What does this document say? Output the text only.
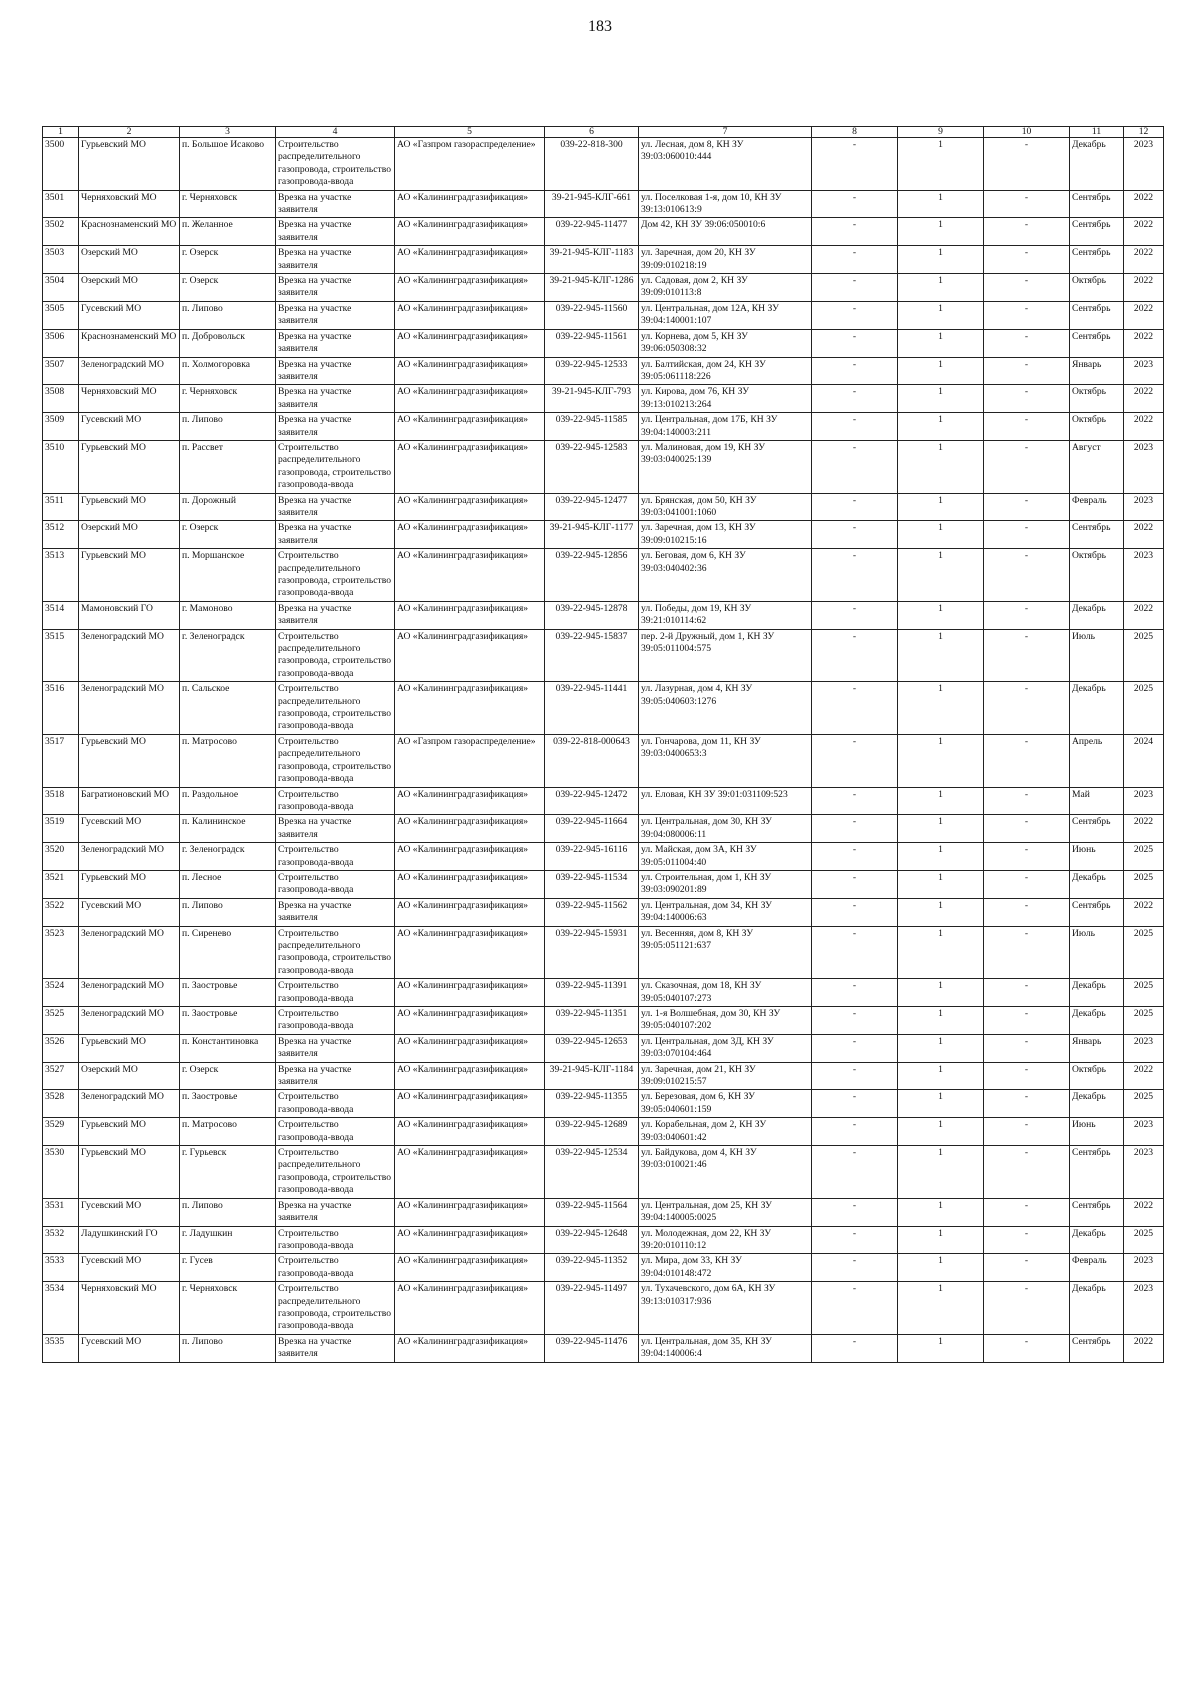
183
1	2	3	4	5	6	7	8	9	10	11	12
3500	Гурьевский МО	п. Большое Исаково	Строительство распределительного газопровода, строительство газопровода-ввода	АО «Газпром газораспределение»	039-22-818-300	ул. Лесная, дом 8, КН ЗУ 39:03:060010:444	-	1	-	Декабрь	2023
3501	Черняховский МО	г. Черняховск	Врезка на участке заявителя	АО «Калининградгазификация»	39-21-945-КЛГ-661	ул. Поселковая 1-я, дом 10, КН ЗУ 39:13:010613:9	-	1	-	Сентябрь	2022
3502	Краснознаменский МО	п. Желанное	Врезка на участке заявителя	АО «Калининградгазификация»	039-22-945-11477	Дом 42, КН ЗУ 39:06:050010:6	-	1	-	Сентябрь	2022
3503	Озерский МО	г. Озерск	Врезка на участке заявителя	АО «Калининградгазификация»	39-21-945-КЛГ-1183	ул. Заречная, дом 20, КН ЗУ 39:09:010218:19	-	1	-	Сентябрь	2022
3504	Озерский МО	г. Озерск	Врезка на участке заявителя	АО «Калининградгазификация»	39-21-945-КЛГ-1286	ул. Садовая, дом 2, КН ЗУ 39:09:010113:8	-	1	-	Октябрь	2022
3505	Гусевский МО	п. Липово	Врезка на участке заявителя	АО «Калининградгазификация»	039-22-945-11560	ул. Центральная, дом 12А, КН ЗУ 39:04:140001:107	-	1	-	Сентябрь	2022
3506	Краснознаменский МО	п. Добровольск	Врезка на участке заявителя	АО «Калининградгазификация»	039-22-945-11561	ул. Корнева, дом 5, КН ЗУ 39:06:050308:32	-	1	-	Сентябрь	2022
3507	Зеленоградский МО	п. Холмогоровка	Врезка на участке заявителя	АО «Калининградгазификация»	039-22-945-12533	ул. Балтийская, дом 24, КН ЗУ 39:05:061118:226	-	1	-	Январь	2023
3508	Черняховский МО	г. Черняховск	Врезка на участке заявителя	АО «Калининградгазификация»	39-21-945-КЛГ-793	ул. Кирова, дом 76, КН ЗУ 39:13:010213:264	-	1	-	Октябрь	2022
3509	Гусевский МО	п. Липово	Врезка на участке заявителя	АО «Калининградгазификация»	039-22-945-11585	ул. Центральная, дом 17Б, КН ЗУ 39:04:140003:211	-	1	-	Октябрь	2022
3510	Гурьевский МО	п. Рассвет	Строительство распределительного газопровода, строительство газопровода-ввода	АО «Калининградгазификация»	039-22-945-12583	ул. Малиновая, дом 19, КН ЗУ 39:03:040025:139	-	1	-	Август	2023
3511	Гурьевский МО	п. Дорожный	Врезка на участке заявителя	АО «Калининградгазификация»	039-22-945-12477	ул. Брянская, дом 50, КН ЗУ 39:03:041001:1060	-	1	-	Февраль	2023
3512	Озерский МО	г. Озерск	Врезка на участке заявителя	АО «Калининградгазификация»	39-21-945-КЛГ-1177	ул. Заречная, дом 13, КН ЗУ 39:09:010215:16	-	1	-	Сентябрь	2022
3513	Гурьевский МО	п. Моршанское	Строительство распределительного газопровода, строительство газопровода-ввода	АО «Калининградгазификация»	039-22-945-12856	ул. Беговая, дом 6, КН ЗУ 39:03:040402:36	-	1	-	Октябрь	2023
3514	Мамоновский ГО	г. Мамоново	Врезка на участке заявителя	АО «Калининградгазификация»	039-22-945-12878	ул. Победы, дом 19, КН ЗУ 39:21:010114:62	-	1	-	Декабрь	2022
3515	Зеленоградский МО	г. Зеленоградск	Строительство распределительного газопровода, строительство газопровода-ввода	АО «Калининградгазификация»	039-22-945-15837	пер. 2-й Дружный, дом 1, КН ЗУ 39:05:011004:575	-	1	-	Июль	2025
3516	Зеленоградский МО	п. Сальское	Строительство распределительного газопровода, строительство газопровода-ввода	АО «Калининградгазификация»	039-22-945-11441	ул. Лазурная, дом 4, КН ЗУ 39:05:040603:1276	-	1	-	Декабрь	2025
3517	Гурьевский МО	п. Матросово	Строительство распределительного газопровода, строительство газопровода-ввода	АО «Газпром газораспределение»	039-22-818-000643	ул. Гончарова, дом 11, КН ЗУ 39:03:0400653:3	-	1	-	Апрель	2024
3518	Багратионовский МО	п. Раздольное	Строительство газопровода-ввода	АО «Калининградгазификация»	039-22-945-12472	ул. Еловая, КН ЗУ 39:01:031109:523	-	1	-	Май	2023
3519	Гусевский МО	п. Калининское	Врезка на участке заявителя	АО «Калининградгазификация»	039-22-945-11664	ул. Центральная, дом 30, КН ЗУ 39:04:080006:11	-	1	-	Сентябрь	2022
3520	Зеленоградский МО	г. Зеленоградск	Строительство газопровода-ввода	АО «Калининградгазификация»	039-22-945-16116	ул. Майская, дом 3А, КН ЗУ 39:05:011004:40	-	1	-	Июнь	2025
3521	Гурьевский МО	п. Лесное	Строительство газопровода-ввода	АО «Калининградгазификация»	039-22-945-11534	ул. Строительная, дом 1, КН ЗУ 39:03:090201:89	-	1	-	Декабрь	2025
3522	Гусевский МО	п. Липово	Врезка на участке заявителя	АО «Калининградгазификация»	039-22-945-11562	ул. Центральная, дом 34, КН ЗУ 39:04:140006:63	-	1	-	Сентябрь	2022
3523	Зеленоградский МО	п. Сиренево	Строительство распределительного газопровода, строительство газопровода-ввода	АО «Калининградгазификация»	039-22-945-15931	ул. Весенняя, дом 8, КН ЗУ 39:05:051121:637	-	1	-	Июль	2025
3524	Зеленоградский МО	п. Заостровье	Строительство газопровода-ввода	АО «Калининградгазификация»	039-22-945-11391	ул. Сказочная, дом 18, КН ЗУ 39:05:040107:273	-	1	-	Декабрь	2025
3525	Зеленоградский МО	п. Заостровье	Строительство газопровода-ввода	АО «Калининградгазификация»	039-22-945-11351	ул. 1-я Волшебная, дом 30, КН ЗУ 39:05:040107:202	-	1	-	Декабрь	2025
3526	Гурьевский МО	п. Константиновка	Врезка на участке заявителя	АО «Калининградгазификация»	039-22-945-12653	ул. Центральная, дом 3Д, КН ЗУ 39:03:070104:464	-	1	-	Январь	2023
3527	Озерский МО	г. Озерск	Врезка на участке заявителя	АО «Калининградгазификация»	39-21-945-КЛГ-1184	ул. Заречная, дом 21, КН ЗУ 39:09:010215:57	-	1	-	Октябрь	2022
3528	Зеленоградский МО	п. Заостровье	Строительство газопровода-ввода	АО «Калининградгазификация»	039-22-945-11355	ул. Березовая, дом 6, КН ЗУ 39:05:040601:159	-	1	-	Декабрь	2025
3529	Гурьевский МО	п. Матросово	Строительство газопровода-ввода	АО «Калининградгазификация»	039-22-945-12689	ул. Корабельная, дом 2, КН ЗУ 39:03:040601:42	-	1	-	Июнь	2023
3530	Гурьевский МО	г. Гурьевск	Строительство распределительного газопровода, строительство газопровода-ввода	АО «Калининградгазификация»	039-22-945-12534	ул. Байдукова, дом 4, КН ЗУ 39:03:010021:46	-	1	-	Сентябрь	2023
3531	Гусевский МО	п. Липово	Врезка на участке заявителя	АО «Калининградгазификация»	039-22-945-11564	ул. Центральная, дом 25, КН ЗУ 39:04:140005:0025	-	1	-	Сентябрь	2022
3532	Ладушкинский ГО	г. Ладушкин	Строительство газопровода-ввода	АО «Калининградгазификация»	039-22-945-12648	ул. Молодежная, дом 22, КН ЗУ 39:20:010110:12	-	1	-	Декабрь	2025
3533	Гусевский МО	г. Гусев	Строительство газопровода-ввода	АО «Калининградгазификация»	039-22-945-11352	ул. Мира, дом 33, КН ЗУ 39:04:010148:472	-	1	-	Февраль	2023
3534	Черняховский МО	г. Черняховск	Строительство распределительного газопровода, строительство газопровода-ввода	АО «Калининградгазификация»	039-22-945-11497	ул. Тухачевского, дом 6А, КН ЗУ 39:13:010317:936	-	1	-	Декабрь	2023
3535	Гусевский МО	п. Липово	Врезка на участке заявителя	АО «Калининградгазификация»	039-22-945-11476	ул. Центральная, дом 35, КН ЗУ 39:04:140006:4	-	1	-	Сентябрь	2022
